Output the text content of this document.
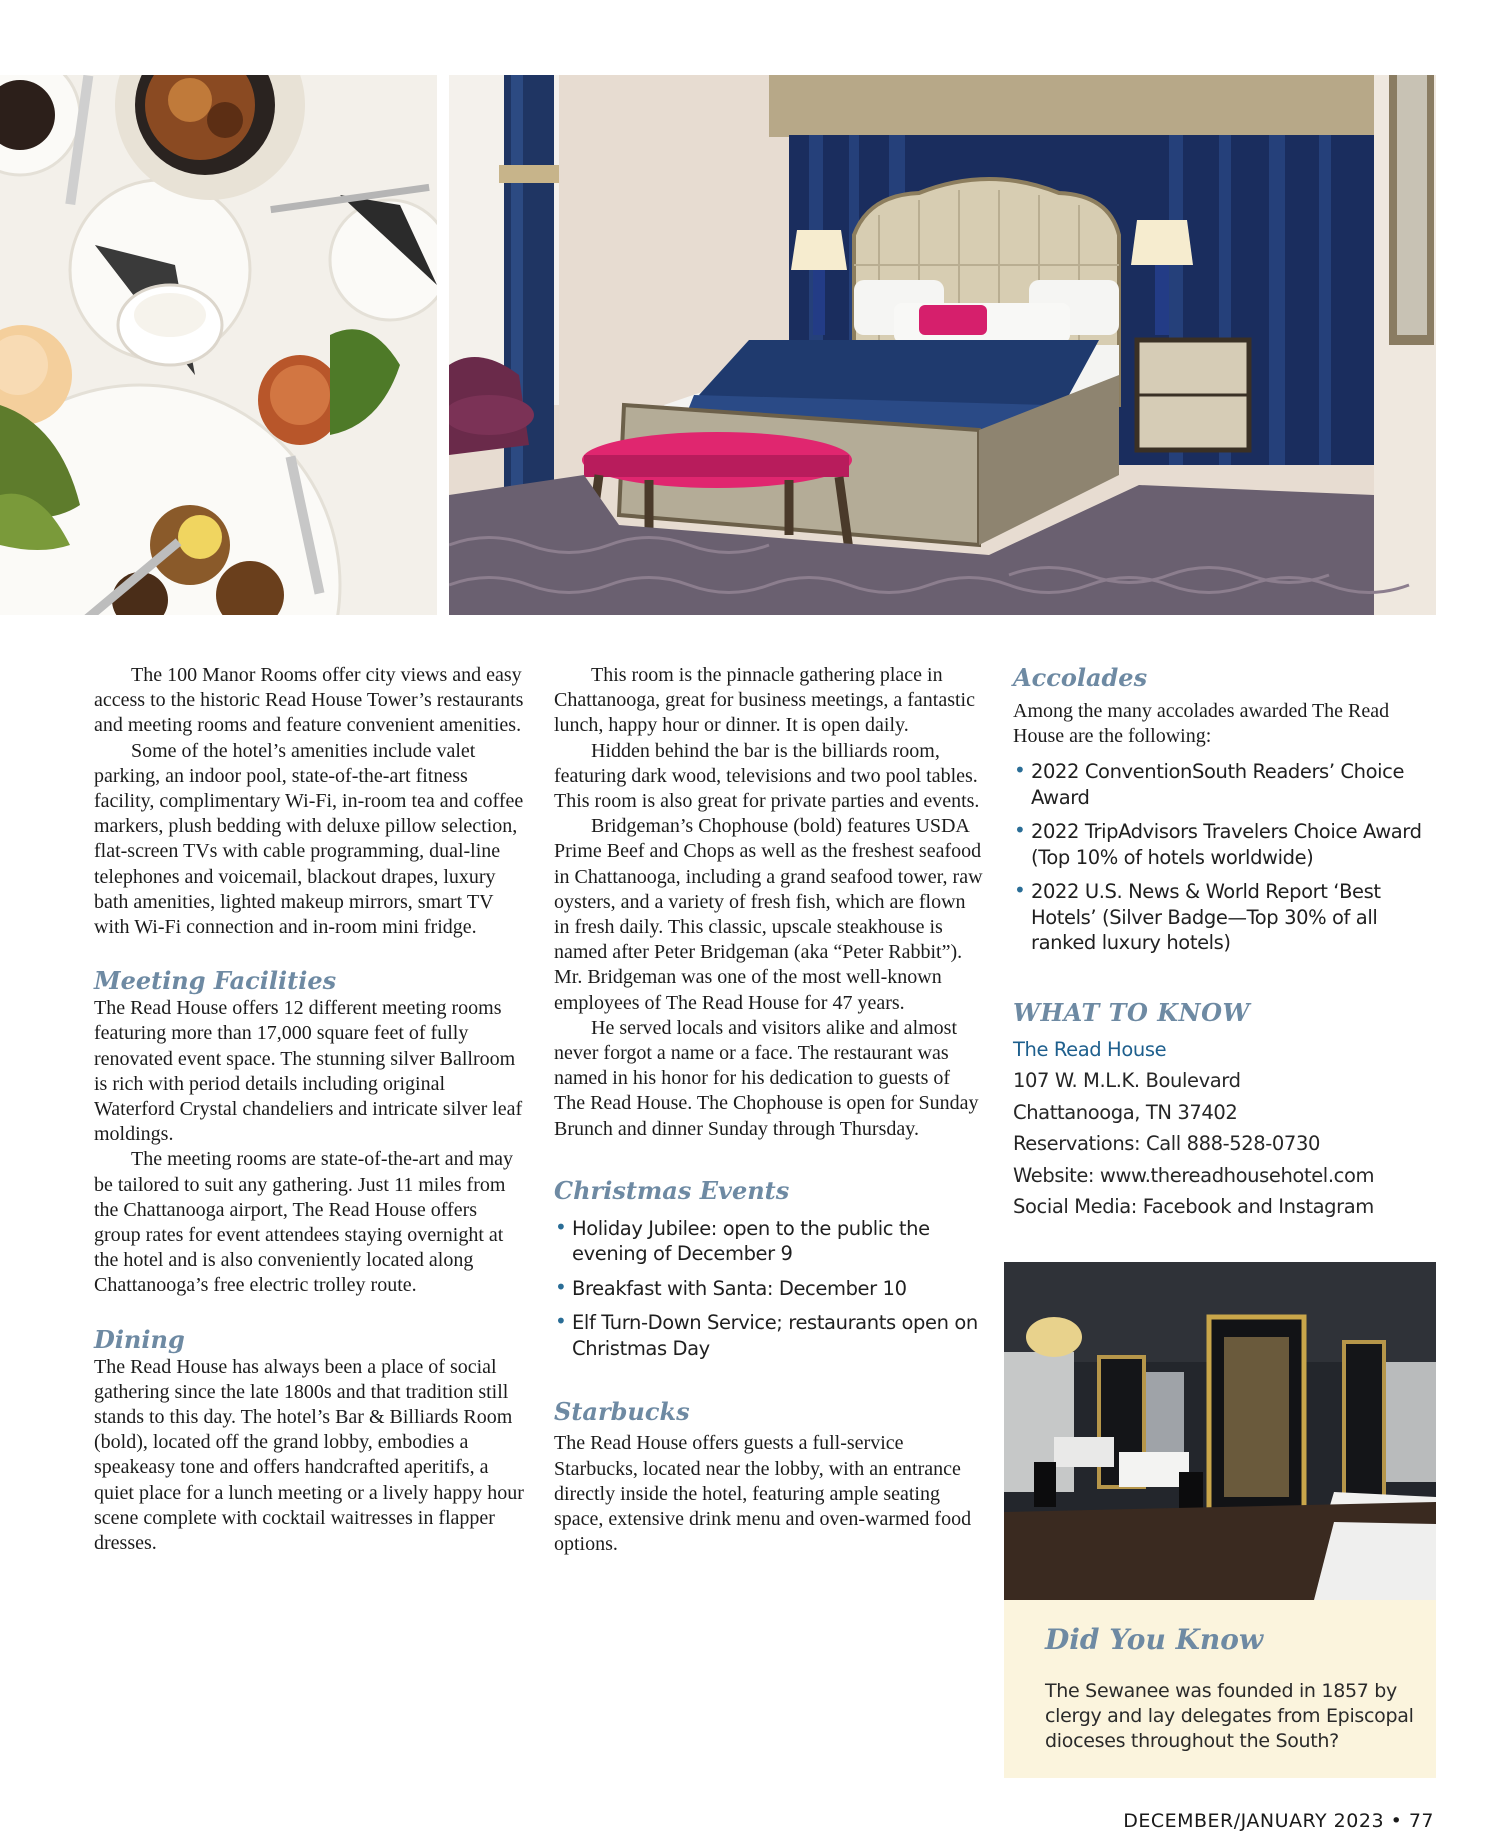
The 100 Manor Rooms offer city views and easy access to the historic Read House Tower’s restaurants and meeting rooms and feature convenient amenities.

Some of the hotel’s amenities include valet parking, an indoor pool, state-of-the-art fitness facility, complimentary Wi-Fi, in-room tea and coffee markers, plush bedding with deluxe pillow selection, flat-screen TVs with cable programming, dual-line telephones and voicemail, blackout drapes, luxury bath amenities, lighted makeup mirrors, smart TV with Wi-Fi connection and in-room mini fridge.

Meeting Facilities

The Read House offers 12 different meeting rooms featuring more than 17,000 square feet of fully renovated event space. The stunning silver Ballroom is rich with period details including original Waterford Crystal chandeliers and intricate silver leaf moldings.

The meeting rooms are state-of-the-art and may be tailored to suit any gathering. Just 11 miles from the Chattanooga airport, The Read House offers group rates for event attendees staying overnight at the hotel and is also conveniently located along Chattanooga’s free electric trolley route.

Dining

The Read House has always been a place of social gathering since the late 1800s and that tradition still stands to this day. The hotel’s Bar & Billiards Room (bold), located off the grand lobby, embodies a speakeasy tone and offers handcrafted aperitifs, a quiet place for a lunch meeting or a lively happy hour scene complete with cocktail waitresses in flapper dresses.

This room is the pinnacle gathering place in Chattanooga, great for business meetings, a fantastic lunch, happy hour or dinner. It is open daily.

Hidden behind the bar is the billiards room, featuring dark wood, televisions and two pool tables. This room is also great for private parties and events.

Bridgeman’s Chophouse (bold) features USDA Prime Beef and Chops as well as the freshest seafood in Chattanooga, including a grand seafood tower, raw oysters, and a variety of fresh fish, which are flown in fresh daily. This classic, upscale steakhouse is named after Peter Bridgeman (aka “Peter Rabbit”). Mr. Bridgeman was one of the most well-known employees of The Read House for 47 years.

He served locals and visitors alike and almost never forgot a name or a face. The restaurant was named in his honor for his dedication to guests of The Read House. The Chophouse is open for Sunday Brunch and dinner Sunday through Thursday.

Christmas Events
• Holiday Jubilee: open to the public the evening of December 9
• Breakfast with Santa: December 10
• Elf Turn-Down Service; restaurants open on Christmas Day
Starbucks

The Read House offers guests a full-service Starbucks, located near the lobby, with an entrance directly inside the hotel, featuring ample seating space, extensive drink menu and oven-warmed food options.

Accolades

Among the many accolades awarded The Read House are the following:

• 2022 ConventionSouth Readers’ Choice Award
• 2022 TripAdvisors Travelers Choice Award (Top 10% of hotels worldwide)
• 2022 U.S. News & World Report ‘Best Hotels’ (Silver Badge—Top 30% of all ranked luxury hotels)
WHAT TO KNOW
The Read House
107 W. M.L.K. Boulevard
Chattanooga, TN 37402
Reservations: Call 888-528-0730
Website: www.thereadhousehotel.com
Social Media: Facebook and Instagram
Did You Know

The Sewanee was founded in 1857 by clergy and lay delegates from Episcopal dioceses throughout the South?

DECEMBER/JANUARY 2023 • 77
